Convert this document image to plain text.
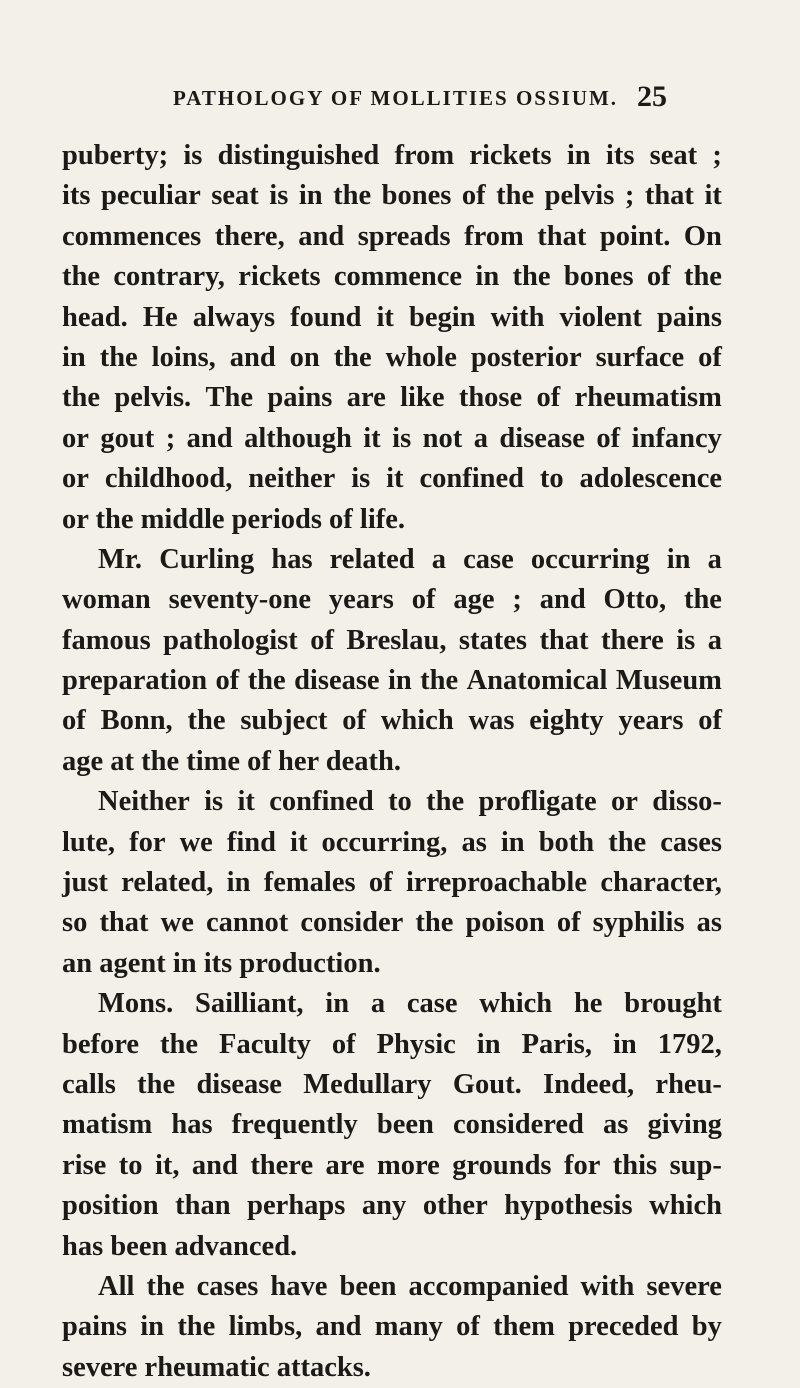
PATHOLOGY OF MOLLITIES OSSIUM. 25
puberty; is distinguished from rickets in its seat ;
its peculiar seat is in the bones of the pelvis ; that it
commences there, and spreads from that point. On
the contrary, rickets commence in the bones of the
head. He always found it begin with violent pains
in the loins, and on the whole posterior surface of
the pelvis. The pains are like those of rheumatism
or gout ; and although it is not a disease of infancy
or childhood, neither is it confined to adolescence
or the middle periods of life.
Mr. Curling has related a case occurring in a
woman seventy-one years of age ; and Otto, the
famous pathologist of Breslau, states that there is a
preparation of the disease in the Anatomical Museum
of Bonn, the subject of which was eighty years of
age at the time of her death.
Neither is it confined to the profligate or disso-
lute, for we find it occurring, as in both the cases
just related, in females of irreproachable character,
so that we cannot consider the poison of syphilis as
an agent in its production.
Mons. Sailliant, in a case which he brought
before the Faculty of Physic in Paris, in 1792,
calls the disease Medullary Gout. Indeed, rheu-
matism has frequently been considered as giving
rise to it, and there are more grounds for this sup-
position than perhaps any other hypothesis which
has been advanced.
All the cases have been accompanied with severe
pains in the limbs, and many of them preceded by
severe rheumatic attacks.
